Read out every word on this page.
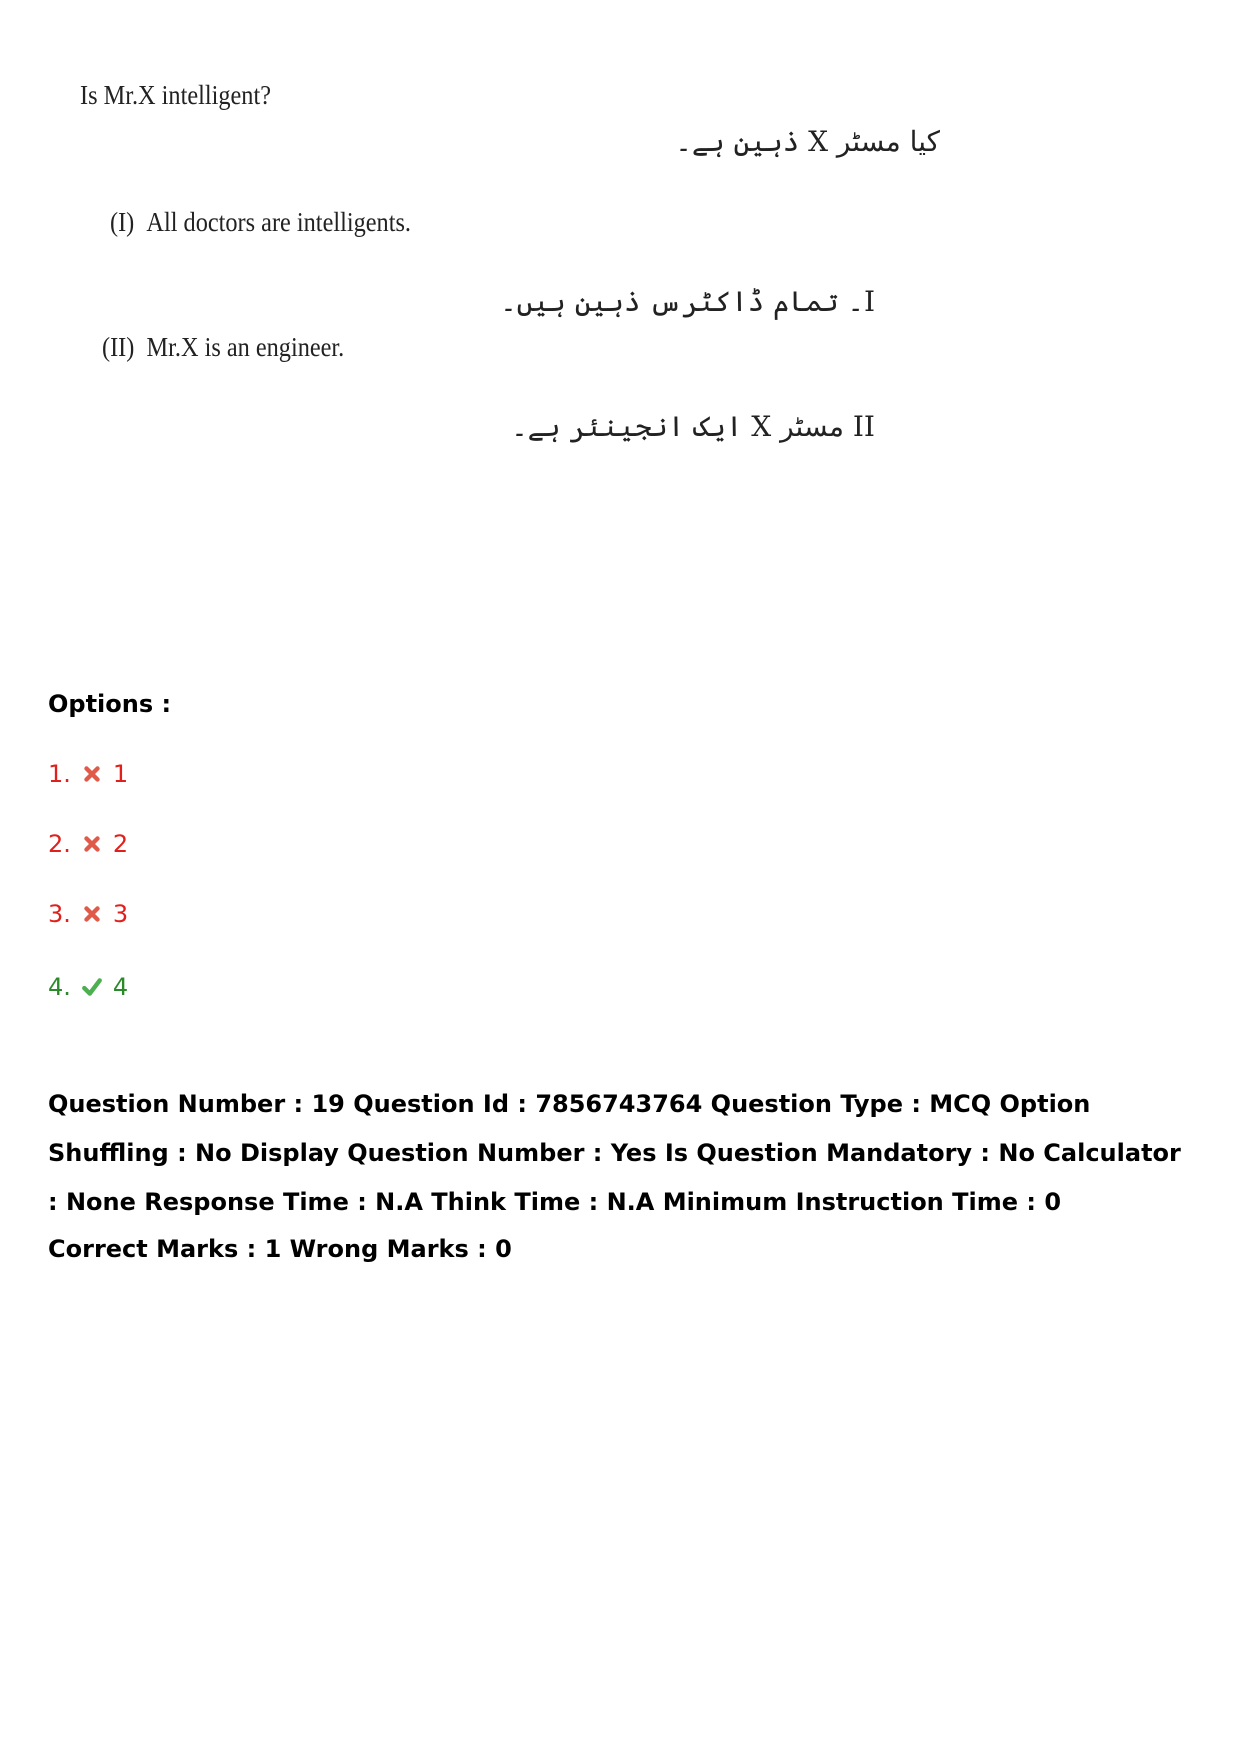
Is Mr.X intelligent?
کیا مسٹر X ذہین ہے۔
(I) All doctors are intelligents.
I۔ تمام ڈاکٹرس ذہین ہیں۔
(II) Mr.X is an engineer.
II مسٹر X ایک انجینئر ہے۔
Options :
1. 1
2. 2
3. 3
4. 4
Question Number : 19 Question Id : 7856743764 Question Type : MCQ Option Shuffling : No Display Question Number : Yes Is Question Mandatory : No Calculator : None Response Time : N.A Think Time : N.A Minimum Instruction Time : 0
Correct Marks : 1 Wrong Marks : 0
